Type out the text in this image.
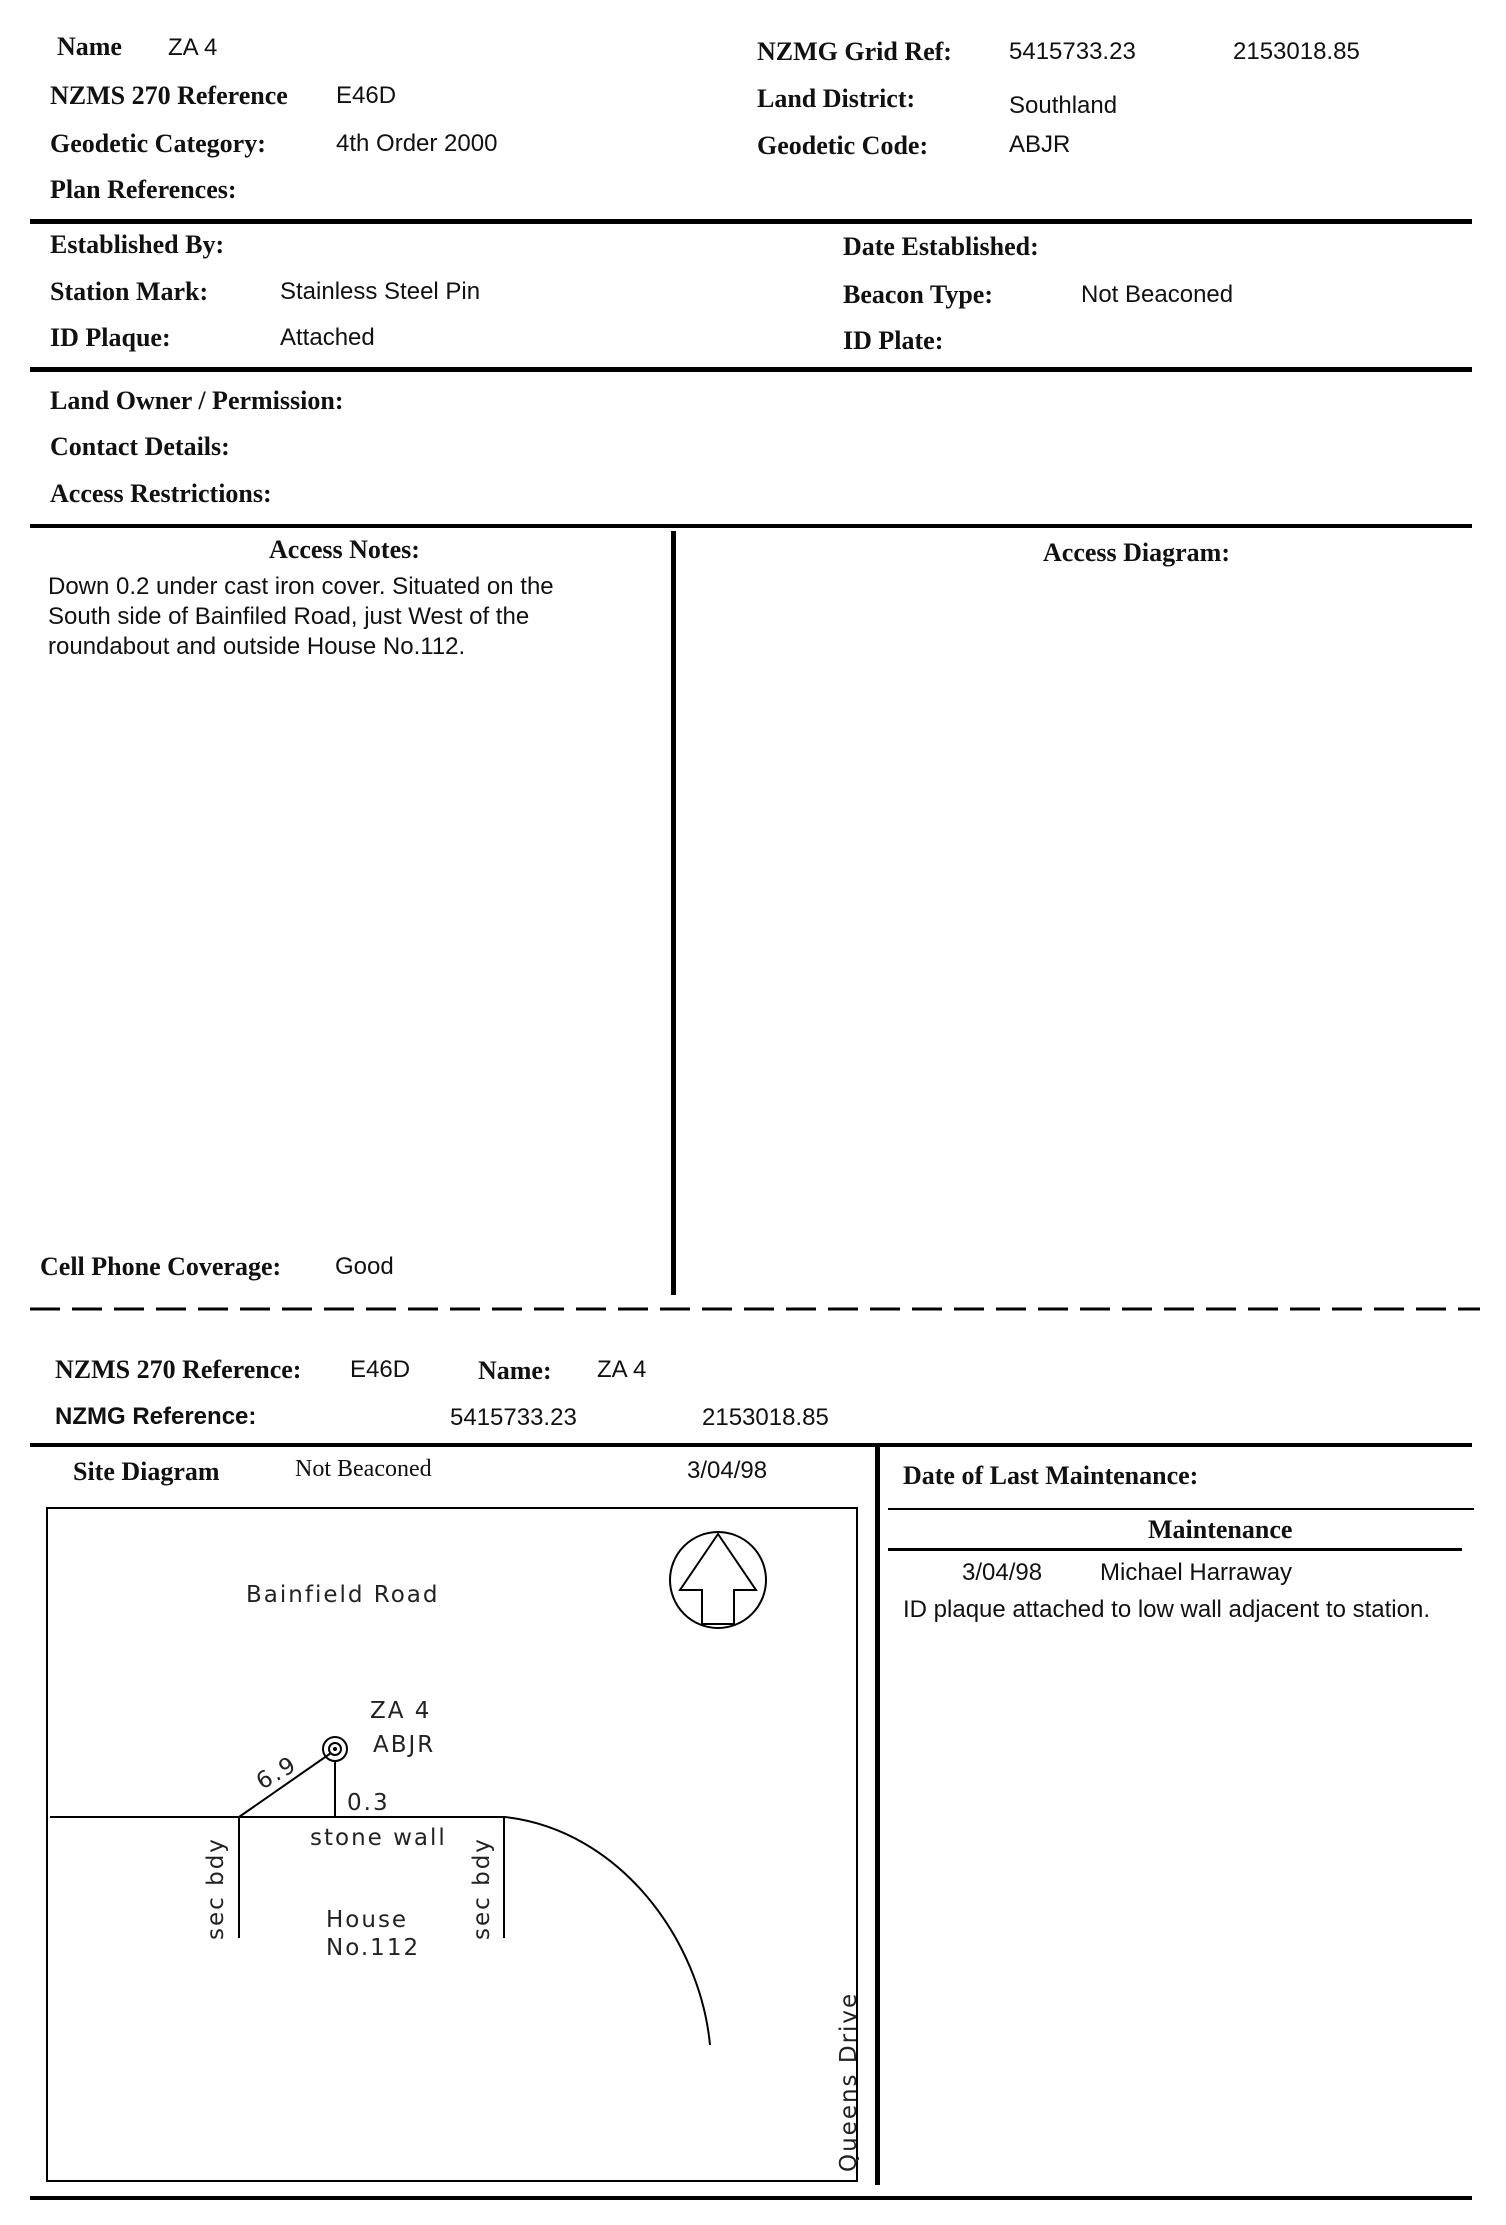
Name ZA 4
NZMS 270 Reference E46D
Geodetic Category:	4th Order 2000
Plan References:
NZMG Grid Ref: 5415733.23	2153018.85
Land District:	Southland
Geodetic Code:	ABJR
Established By:
Station Mark:	Stainless Steel Pin
ID Plaque:	Attached
Date Established:
Beacon Type:	Not Beaconed
ID Plate:
Land Owner / Permission:
Contact Details:
Access Restrictions:
Access Notes:
Down 0.2 under cast iron cover. Situated on the South side of Bainfiled Road, just West of the roundabout and outside House No.112.
Access Diagram:
Cell Phone Coverage: Good
NZMS 270 Reference: E46D	Name: ZA 4
NZMG Reference:	5415733.23	2153018.85
Site Diagram	Not Beaconed	3/04/98
Bainfield Road
ZA 4
ABJR
6.9
0.3
stone wall
House
No.112
sec bdy	sec bdy
Queens Drive
Date of Last Maintenance:
Maintenance
3/04/98 Michael Harraway
ID plaque attached to low wall adjacent to station.
